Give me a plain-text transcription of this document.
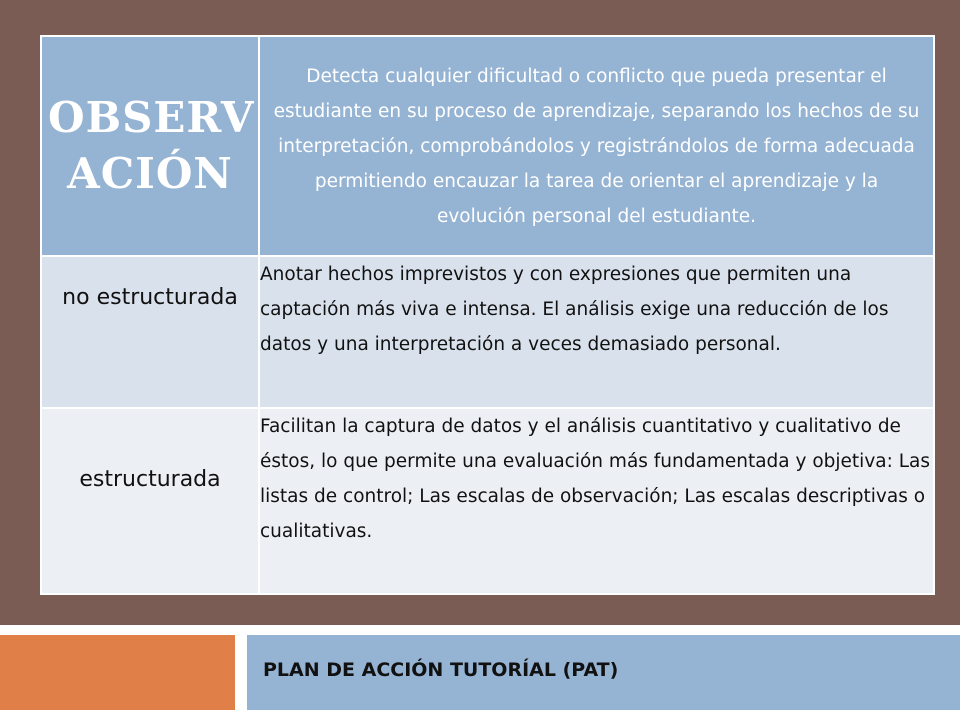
OBSERV ACIÓN	Detecta cualquier dificultad o conflicto que pueda presentar el estudiante en su proceso de aprendizaje, separando los hechos de su interpretación, comprobándolos y registrándolos de forma adecuada permitiendo encauzar la tarea de orientar el aprendizaje y la evolución personal del estudiante.

no estructurada	Anotar hechos imprevistos y con expresiones que permiten una captación más viva e intensa. El análisis exige una reducción de los datos y una interpretación a veces demasiado personal.

estructurada	Facilitan la captura de datos y el análisis cuantitativo y cualitativo de éstos, lo que permite una evaluación más fundamentada y objetiva: Las listas de control; Las escalas de observación; Las escalas descriptivas o cualitativas.
PLAN DE ACCIÓN TUTORÍAL (PAT)
